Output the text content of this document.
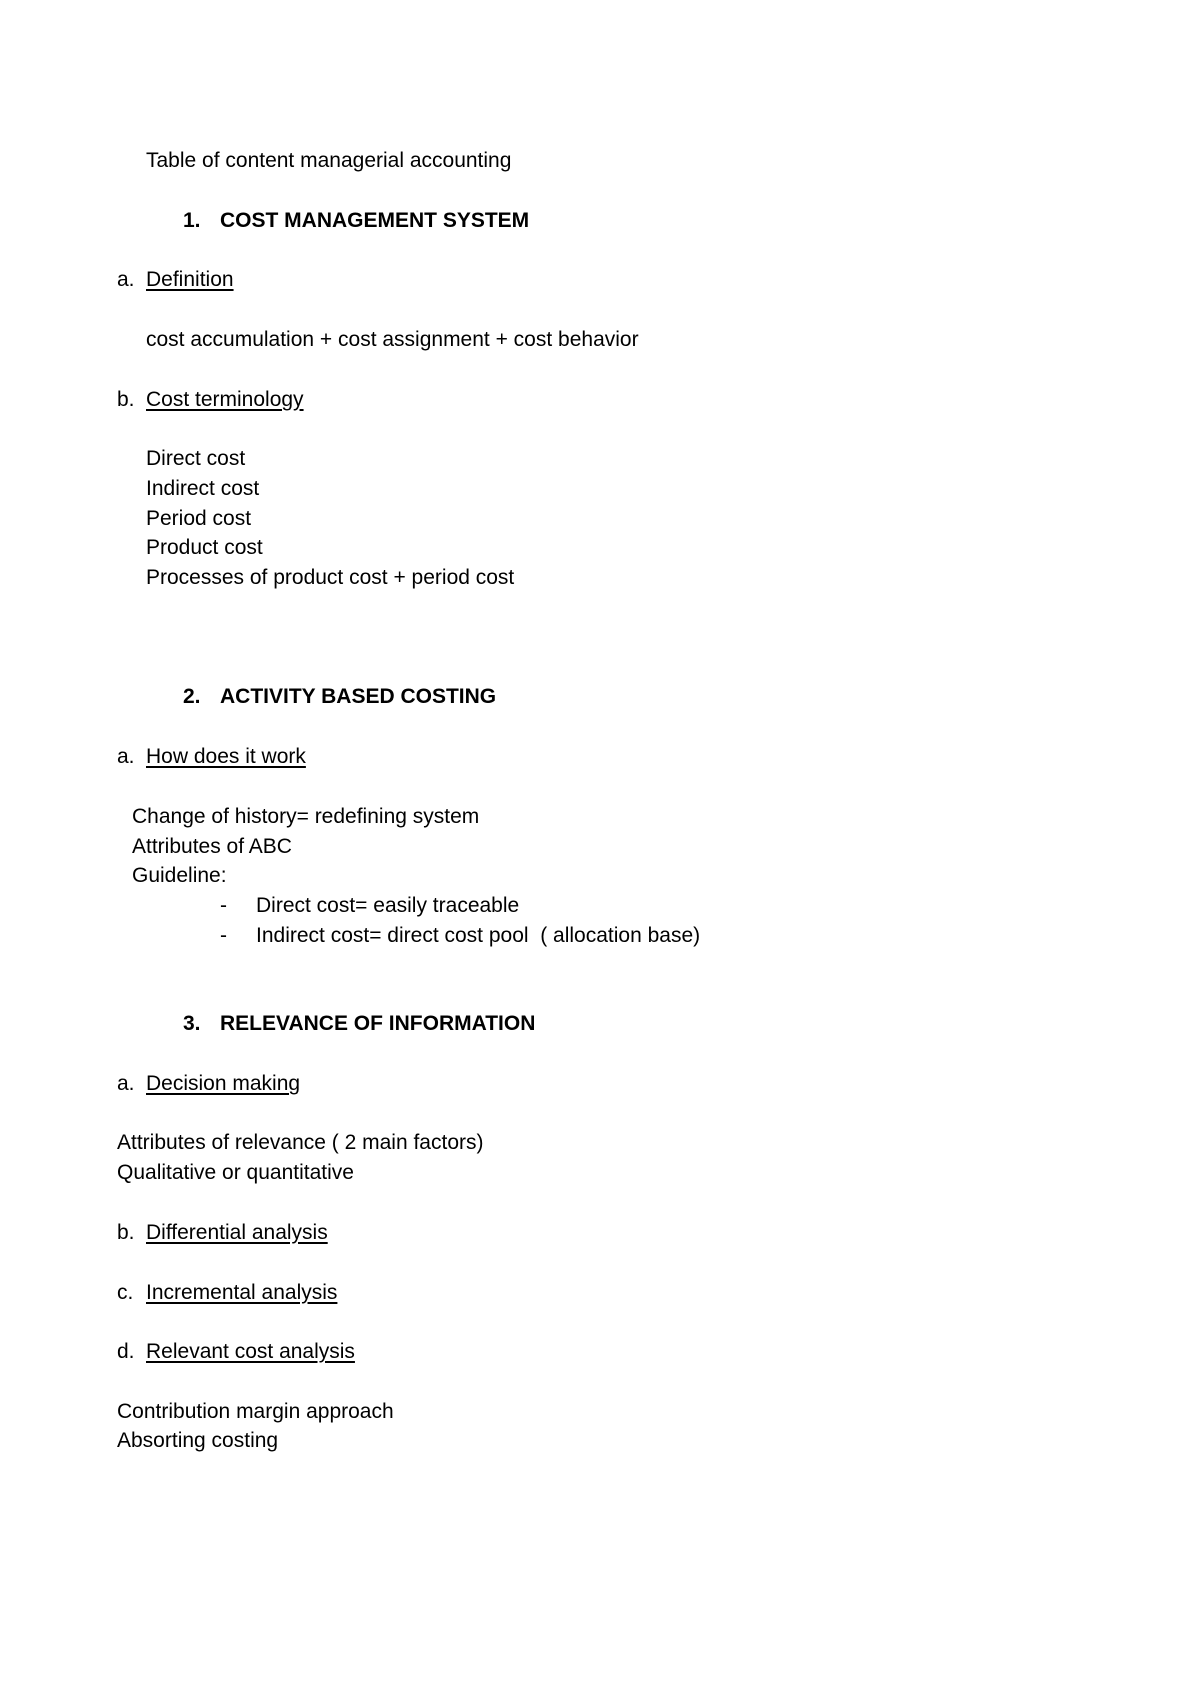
Table of content managerial accounting
1. COST MANAGEMENT SYSTEM
a. Definition
cost accumulation + cost assignment + cost behavior
b. Cost terminology
Direct cost
Indirect cost
Period cost
Product cost
Processes of product cost + period cost
2. ACTIVITY BASED COSTING
a. How does it work
Change of history= redefining system
Attributes of ABC
Guideline:
- Direct cost= easily traceable
- Indirect cost= direct cost pool  ( allocation base)
3. RELEVANCE OF INFORMATION
a. Decision making
Attributes of relevance ( 2 main factors)
Qualitative or quantitative
b. Differential analysis
c. Incremental analysis
d. Relevant cost analysis
Contribution margin approach
Absorting costing
